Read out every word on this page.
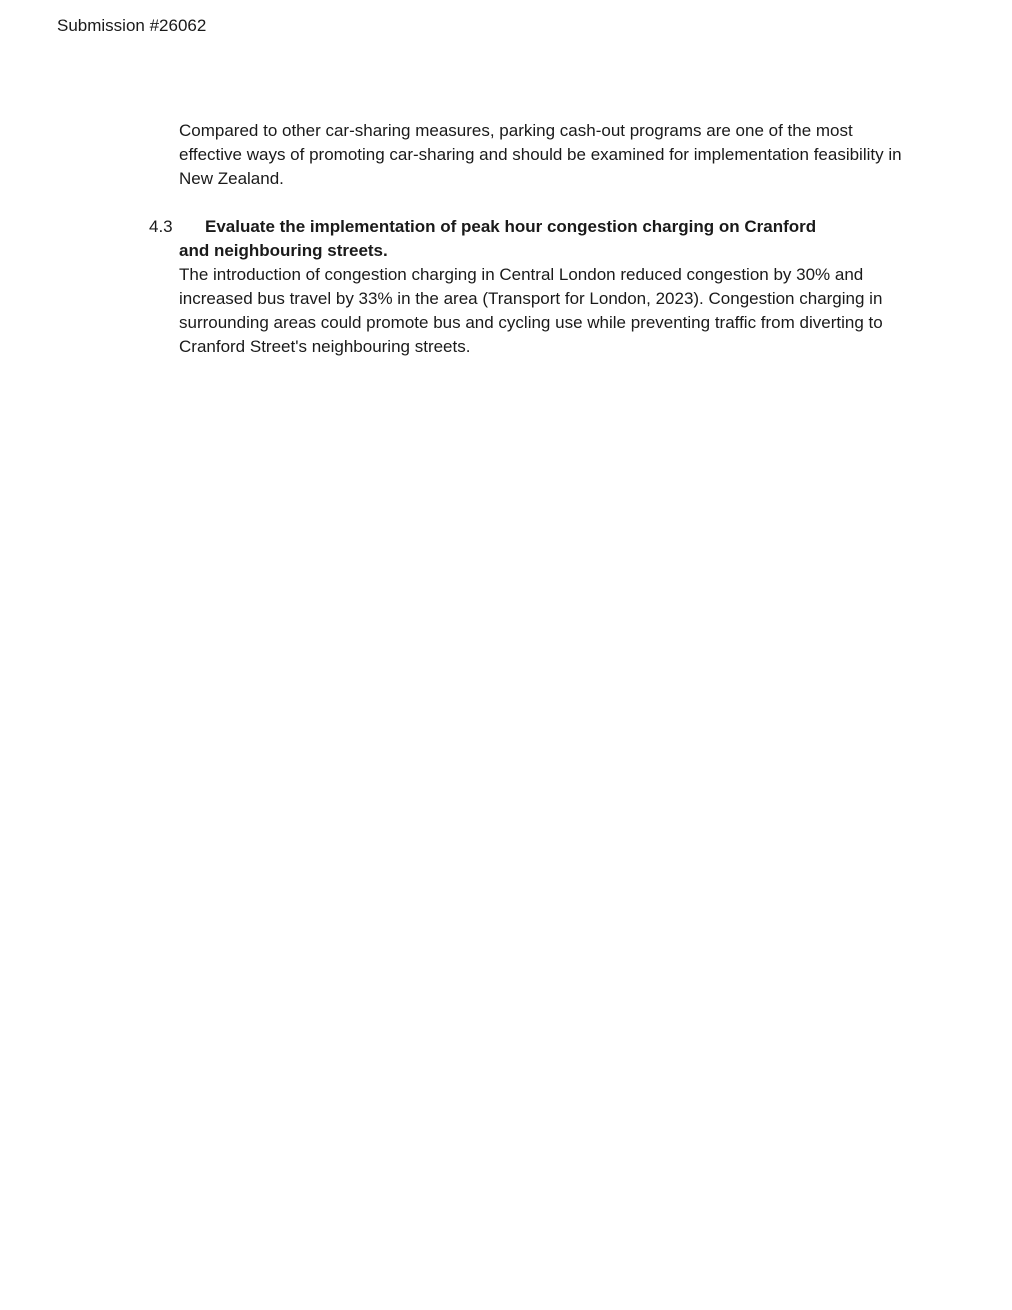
Submission #26062

Compared to other car-sharing measures, parking cash-out programs are one of the most effective ways of promoting car-sharing and should be examined for implementation feasibility in New Zealand.

4.3	Evaluate the implementation of peak hour congestion charging on Cranford
and neighbouring streets.

The introduction of congestion charging in Central London reduced congestion by 30% and increased bus travel by 33% in the area (Transport for London, 2023). Congestion charging in surrounding areas could promote bus and cycling use while preventing traffic from diverting to Cranford Street's neighbouring streets.
